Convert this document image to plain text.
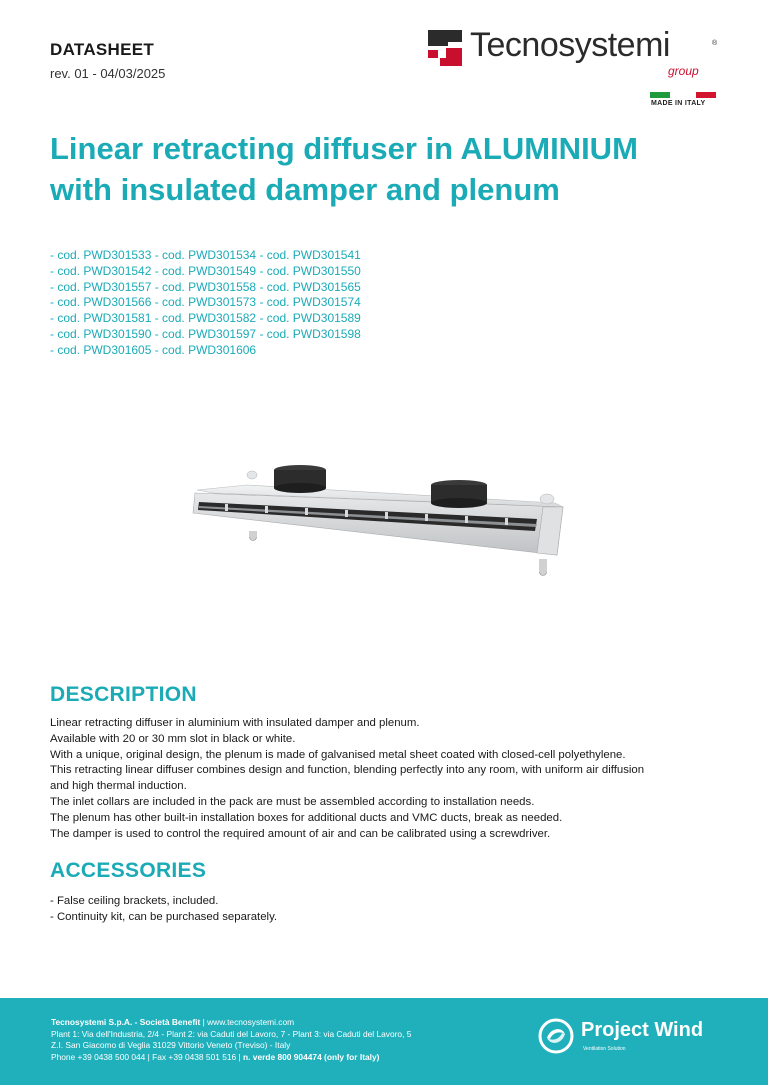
DATASHEET
rev. 01 - 04/03/2025
Tecnosystemi	®
group
MADE IN ITALY
Linear retracting diffuser in ALUMINIUM
with insulated damper and plenum
- cod. PWD301533 - cod. PWD301534 - cod. PWD301541
- cod. PWD301542 - cod. PWD301549 - cod. PWD301550
- cod. PWD301557 - cod. PWD301558 - cod. PWD301565
- cod. PWD301566 - cod. PWD301573 - cod. PWD301574
- cod. PWD301581 - cod. PWD301582 - cod. PWD301589
- cod. PWD301590 - cod. PWD301597 - cod. PWD301598
- cod. PWD301605 - cod. PWD301606
DESCRIPTION
Linear retracting diffuser in aluminium with insulated damper and plenum.
Available with 20 or 30 mm slot in black or white.
With a unique, original design, the plenum is made of galvanised metal sheet coated with closed-cell polyethylene.
This retracting linear diffuser combines design and function, blending perfectly into any room, with uniform air diffusion
and high thermal induction.
The inlet collars are included in the pack are must be assembled according to installation needs.
The plenum has other built-in installation boxes for additional ducts and VMC ducts, break as needed.
The damper is used to control the required amount of air and can be calibrated using a screwdriver.
ACCESSORIES
- False ceiling brackets, included.
- Continuity kit, can be purchased separately.
Tecnosystemi S.p.A. - Società Benefit | www.tecnosystemi.com
Plant 1: Via dell'Industria, 2/4 - Plant 2: via Caduti del Lavoro, 7 - Plant 3: via Caduti del Lavoro, 5
Z.I. San Giacomo di Veglia 31029 Vittorio Veneto (Treviso) - Italy
Phone +39 0438 500 044 | Fax +39 0438 501 516 | n. verde 800 904474 (only for Italy)
Project Wind
Ventilation Solution
